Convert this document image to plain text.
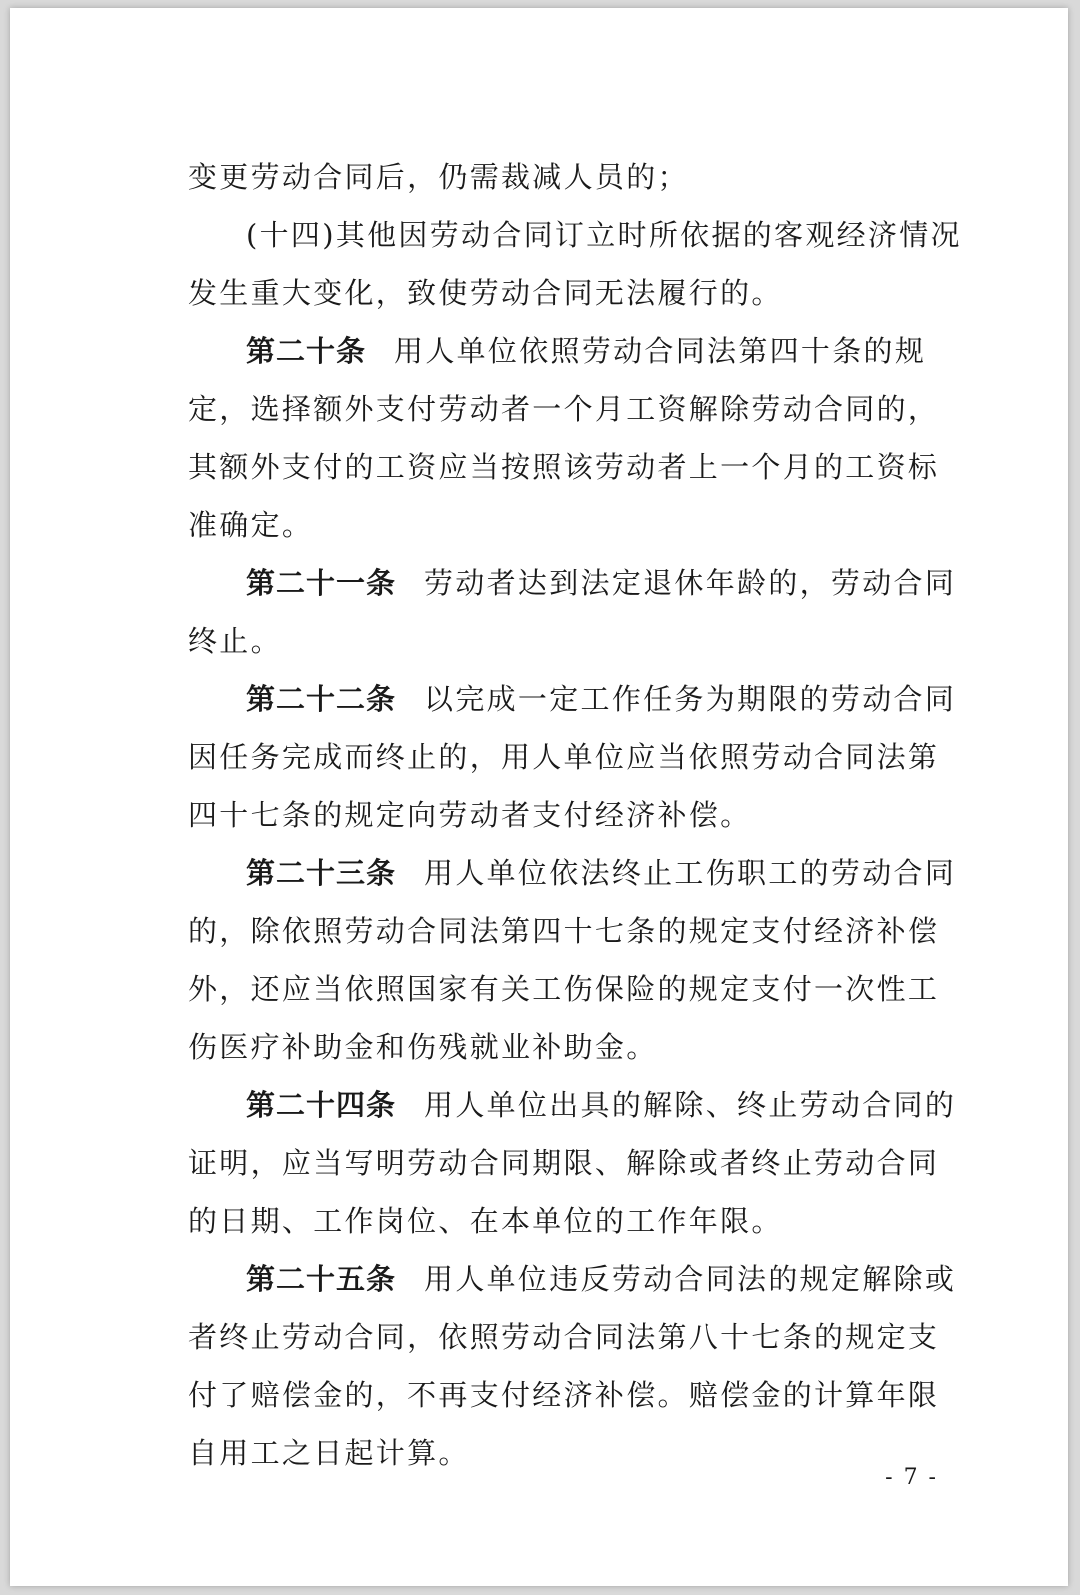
变更劳动合同后，仍需裁减人员的；

(十四)其他因劳动合同订立时所依据的客观经济情况发生重大变化，致使劳动合同无法履行的。

第二十条 用人单位依照劳动合同法第四十条的规定，选择额外支付劳动者一个月工资解除劳动合同的，其额外支付的工资应当按照该劳动者上一个月的工资标准确定。

第二十一条 劳动者达到法定退休年龄的，劳动合同终止。

第二十二条 以完成一定工作任务为期限的劳动合同因任务完成而终止的，用人单位应当依照劳动合同法第四十七条的规定向劳动者支付经济补偿。

第二十三条 用人单位依法终止工伤职工的劳动合同的，除依照劳动合同法第四十七条的规定支付经济补偿外，还应当依照国家有关工伤保险的规定支付一次性工伤医疗补助金和伤残就业补助金。

第二十四条 用人单位出具的解除、终止劳动合同的证明，应当写明劳动合同期限、解除或者终止劳动合同的日期、工作岗位、在本单位的工作年限。

第二十五条 用人单位违反劳动合同法的规定解除或者终止劳动合同，依照劳动合同法第八十七条的规定支付了赔偿金的，不再支付经济补偿。赔偿金的计算年限自用工之日起计算。

- 7 -
